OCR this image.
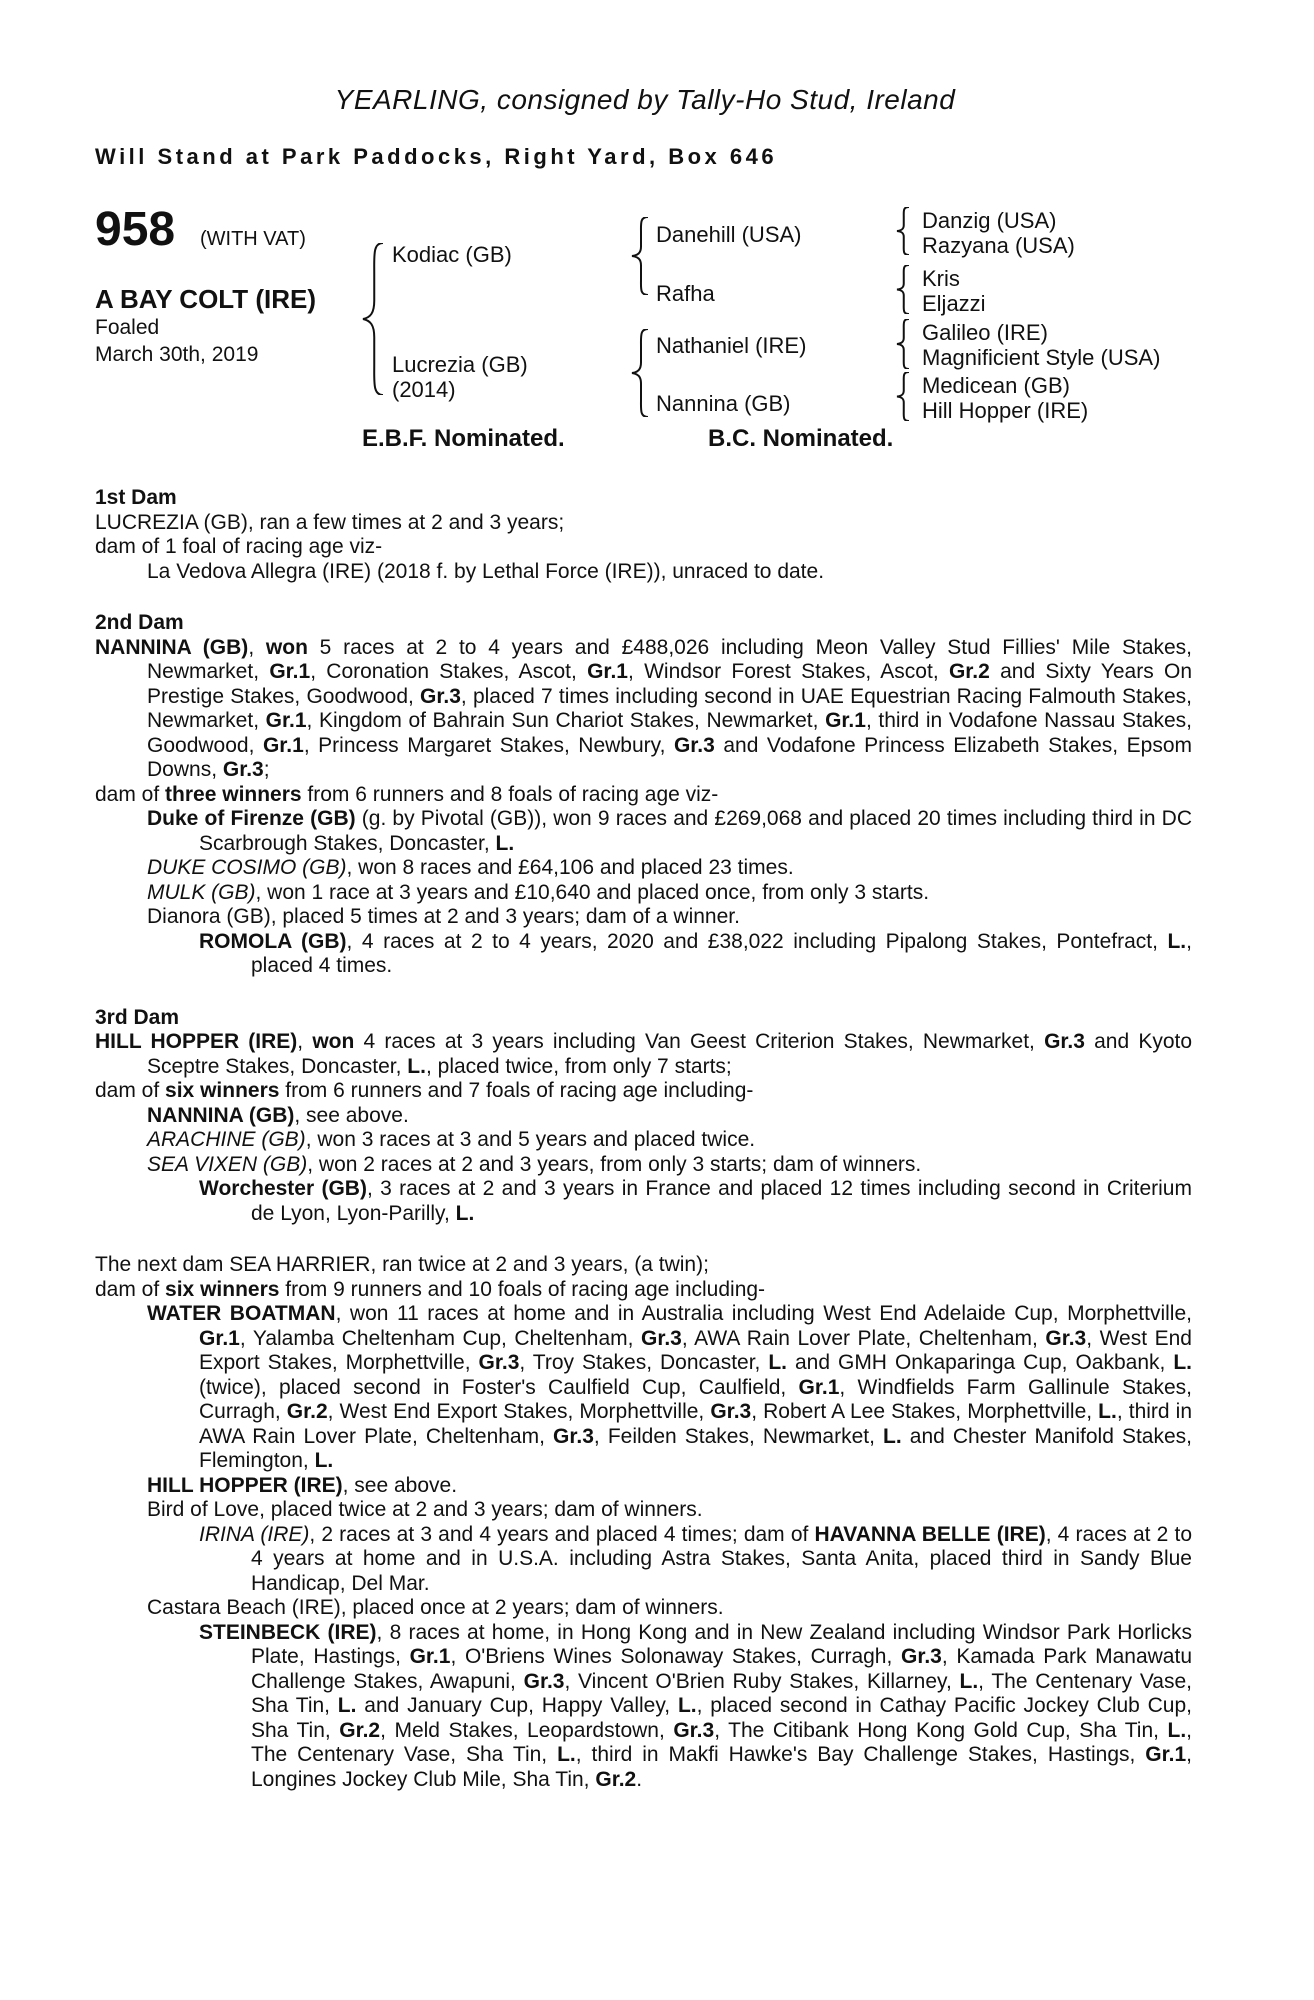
YEARLING, consigned by Tally-Ho Stud, Ireland
Will Stand at Park Paddocks, Right Yard, Box 646
958 (WITH VAT)
A BAY COLT (IRE)
Foaled
March 30th, 2019
Kodiac (GB)
Lucrezia (GB)
(2014)
Danehill (USA)
Rafha
Nathaniel (IRE)
Nannina (GB)
Danzig (USA)
Razyana (USA)
Kris
Eljazzi
Galileo (IRE)
Magnificient Style (USA)
Medicean (GB)
Hill Hopper (IRE)
E.B.F. Nominated.	B.C. Nominated.
1st Dam

LUCREZIA (GB), ran a few times at 2 and 3 years;

dam of 1 foal of racing age viz-

La Vedova Allegra (IRE) (2018 f. by Lethal Force (IRE)), unraced to date.

2nd Dam

NANNINA (GB), won 5 races at 2 to 4 years and £488,026 including Meon Valley Stud Fillies' Mile Stakes, Newmarket, Gr.1, Coronation Stakes, Ascot, Gr.1, Windsor Forest Stakes, Ascot, Gr.2 and Sixty Years On Prestige Stakes, Goodwood, Gr.3, placed 7 times including second in UAE Equestrian Racing Falmouth Stakes, Newmarket, Gr.1, Kingdom of Bahrain Sun Chariot Stakes, Newmarket, Gr.1, third in Vodafone Nassau Stakes, Goodwood, Gr.1, Princess Margaret Stakes, Newbury, Gr.3 and Vodafone Princess Elizabeth Stakes, Epsom Downs, Gr.3;

dam of three winners from 6 runners and 8 foals of racing age viz-

Duke of Firenze (GB) (g. by Pivotal (GB)), won 9 races and £269,068 and placed 20 times including third in DC Scarbrough Stakes, Doncaster, L.

DUKE COSIMO (GB), won 8 races and £64,106 and placed 23 times.

MULK (GB), won 1 race at 3 years and £10,640 and placed once, from only 3 starts.

Dianora (GB), placed 5 times at 2 and 3 years; dam of a winner.

ROMOLA (GB), 4 races at 2 to 4 years, 2020 and £38,022 including Pipalong Stakes, Pontefract, L., placed 4 times.

3rd Dam

HILL HOPPER (IRE), won 4 races at 3 years including Van Geest Criterion Stakes, Newmarket, Gr.3 and Kyoto Sceptre Stakes, Doncaster, L., placed twice, from only 7 starts;

dam of six winners from 6 runners and 7 foals of racing age including-

NANNINA (GB), see above.

ARACHINE (GB), won 3 races at 3 and 5 years and placed twice.

SEA VIXEN (GB), won 2 races at 2 and 3 years, from only 3 starts; dam of winners.

Worchester (GB), 3 races at 2 and 3 years in France and placed 12 times including second in Criterium de Lyon, Lyon-Parilly, L.

The next dam SEA HARRIER, ran twice at 2 and 3 years, (a twin);

dam of six winners from 9 runners and 10 foals of racing age including-

WATER BOATMAN, won 11 races at home and in Australia including West End Adelaide Cup, Morphettville, Gr.1, Yalamba Cheltenham Cup, Cheltenham, Gr.3, AWA Rain Lover Plate, Cheltenham, Gr.3, West End Export Stakes, Morphettville, Gr.3, Troy Stakes, Doncaster, L. and GMH Onkaparinga Cup, Oakbank, L. (twice), placed second in Foster's Caulfield Cup, Caulfield, Gr.1, Windfields Farm Gallinule Stakes, Curragh, Gr.2, West End Export Stakes, Morphettville, Gr.3, Robert A Lee Stakes, Morphettville, L., third in AWA Rain Lover Plate, Cheltenham, Gr.3, Feilden Stakes, Newmarket, L. and Chester Manifold Stakes, Flemington, L.

HILL HOPPER (IRE), see above.

Bird of Love, placed twice at 2 and 3 years; dam of winners.

IRINA (IRE), 2 races at 3 and 4 years and placed 4 times; dam of HAVANNA BELLE (IRE), 4 races at 2 to 4 years at home and in U.S.A. including Astra Stakes, Santa Anita, placed third in Sandy Blue Handicap, Del Mar.

Castara Beach (IRE), placed once at 2 years; dam of winners.

STEINBECK (IRE), 8 races at home, in Hong Kong and in New Zealand including Windsor Park Horlicks Plate, Hastings, Gr.1, O'Briens Wines Solonaway Stakes, Curragh, Gr.3, Kamada Park Manawatu Challenge Stakes, Awapuni, Gr.3, Vincent O'Brien Ruby Stakes, Killarney, L., The Centenary Vase, Sha Tin, L. and January Cup, Happy Valley, L., placed second in Cathay Pacific Jockey Club Cup, Sha Tin, Gr.2, Meld Stakes, Leopardstown, Gr.3, The Citibank Hong Kong Gold Cup, Sha Tin, L., The Centenary Vase, Sha Tin, L., third in Makfi Hawke's Bay Challenge Stakes, Hastings, Gr.1, Longines Jockey Club Mile, Sha Tin, Gr.2.
